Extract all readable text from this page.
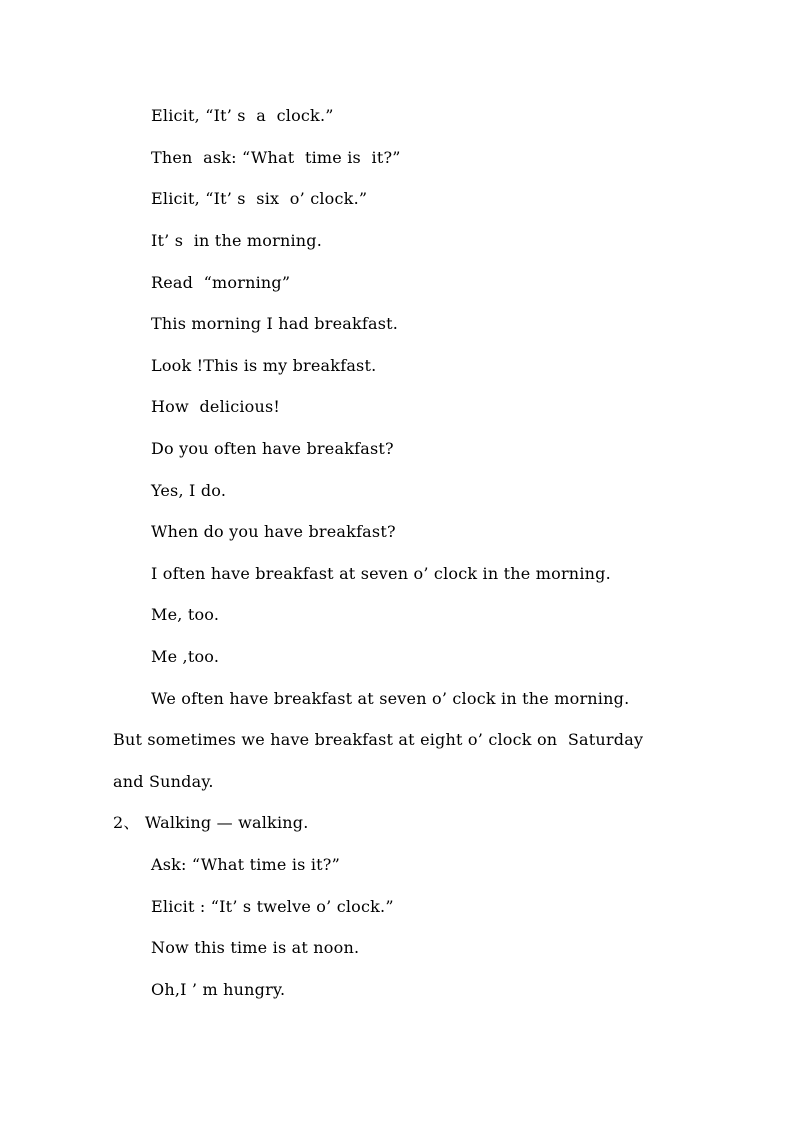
Elicit, “It’ s  a  clock.”
Then  ask: “What  time is  it?”
Elicit, “It’ s  six  o’ clock.”
It’ s  in the morning.
Read  “morning”
This morning I had breakfast.
Look !This is my breakfast.
How  delicious!
Do you often have breakfast?
Yes, I do.
When do you have breakfast?
I often have breakfast at seven o’ clock in the morning.
Me, too.
Me ,too.
We often have breakfast at seven o’ clock in the morning.
But sometimes we have breakfast at eight o’ clock on  Saturday
and Sunday.
2、 Walking — walking.
Ask: “What time is it?”
Elicit : “It’ s twelve o’ clock.”
Now this time is at noon.
Oh,I ’ m hungry.
